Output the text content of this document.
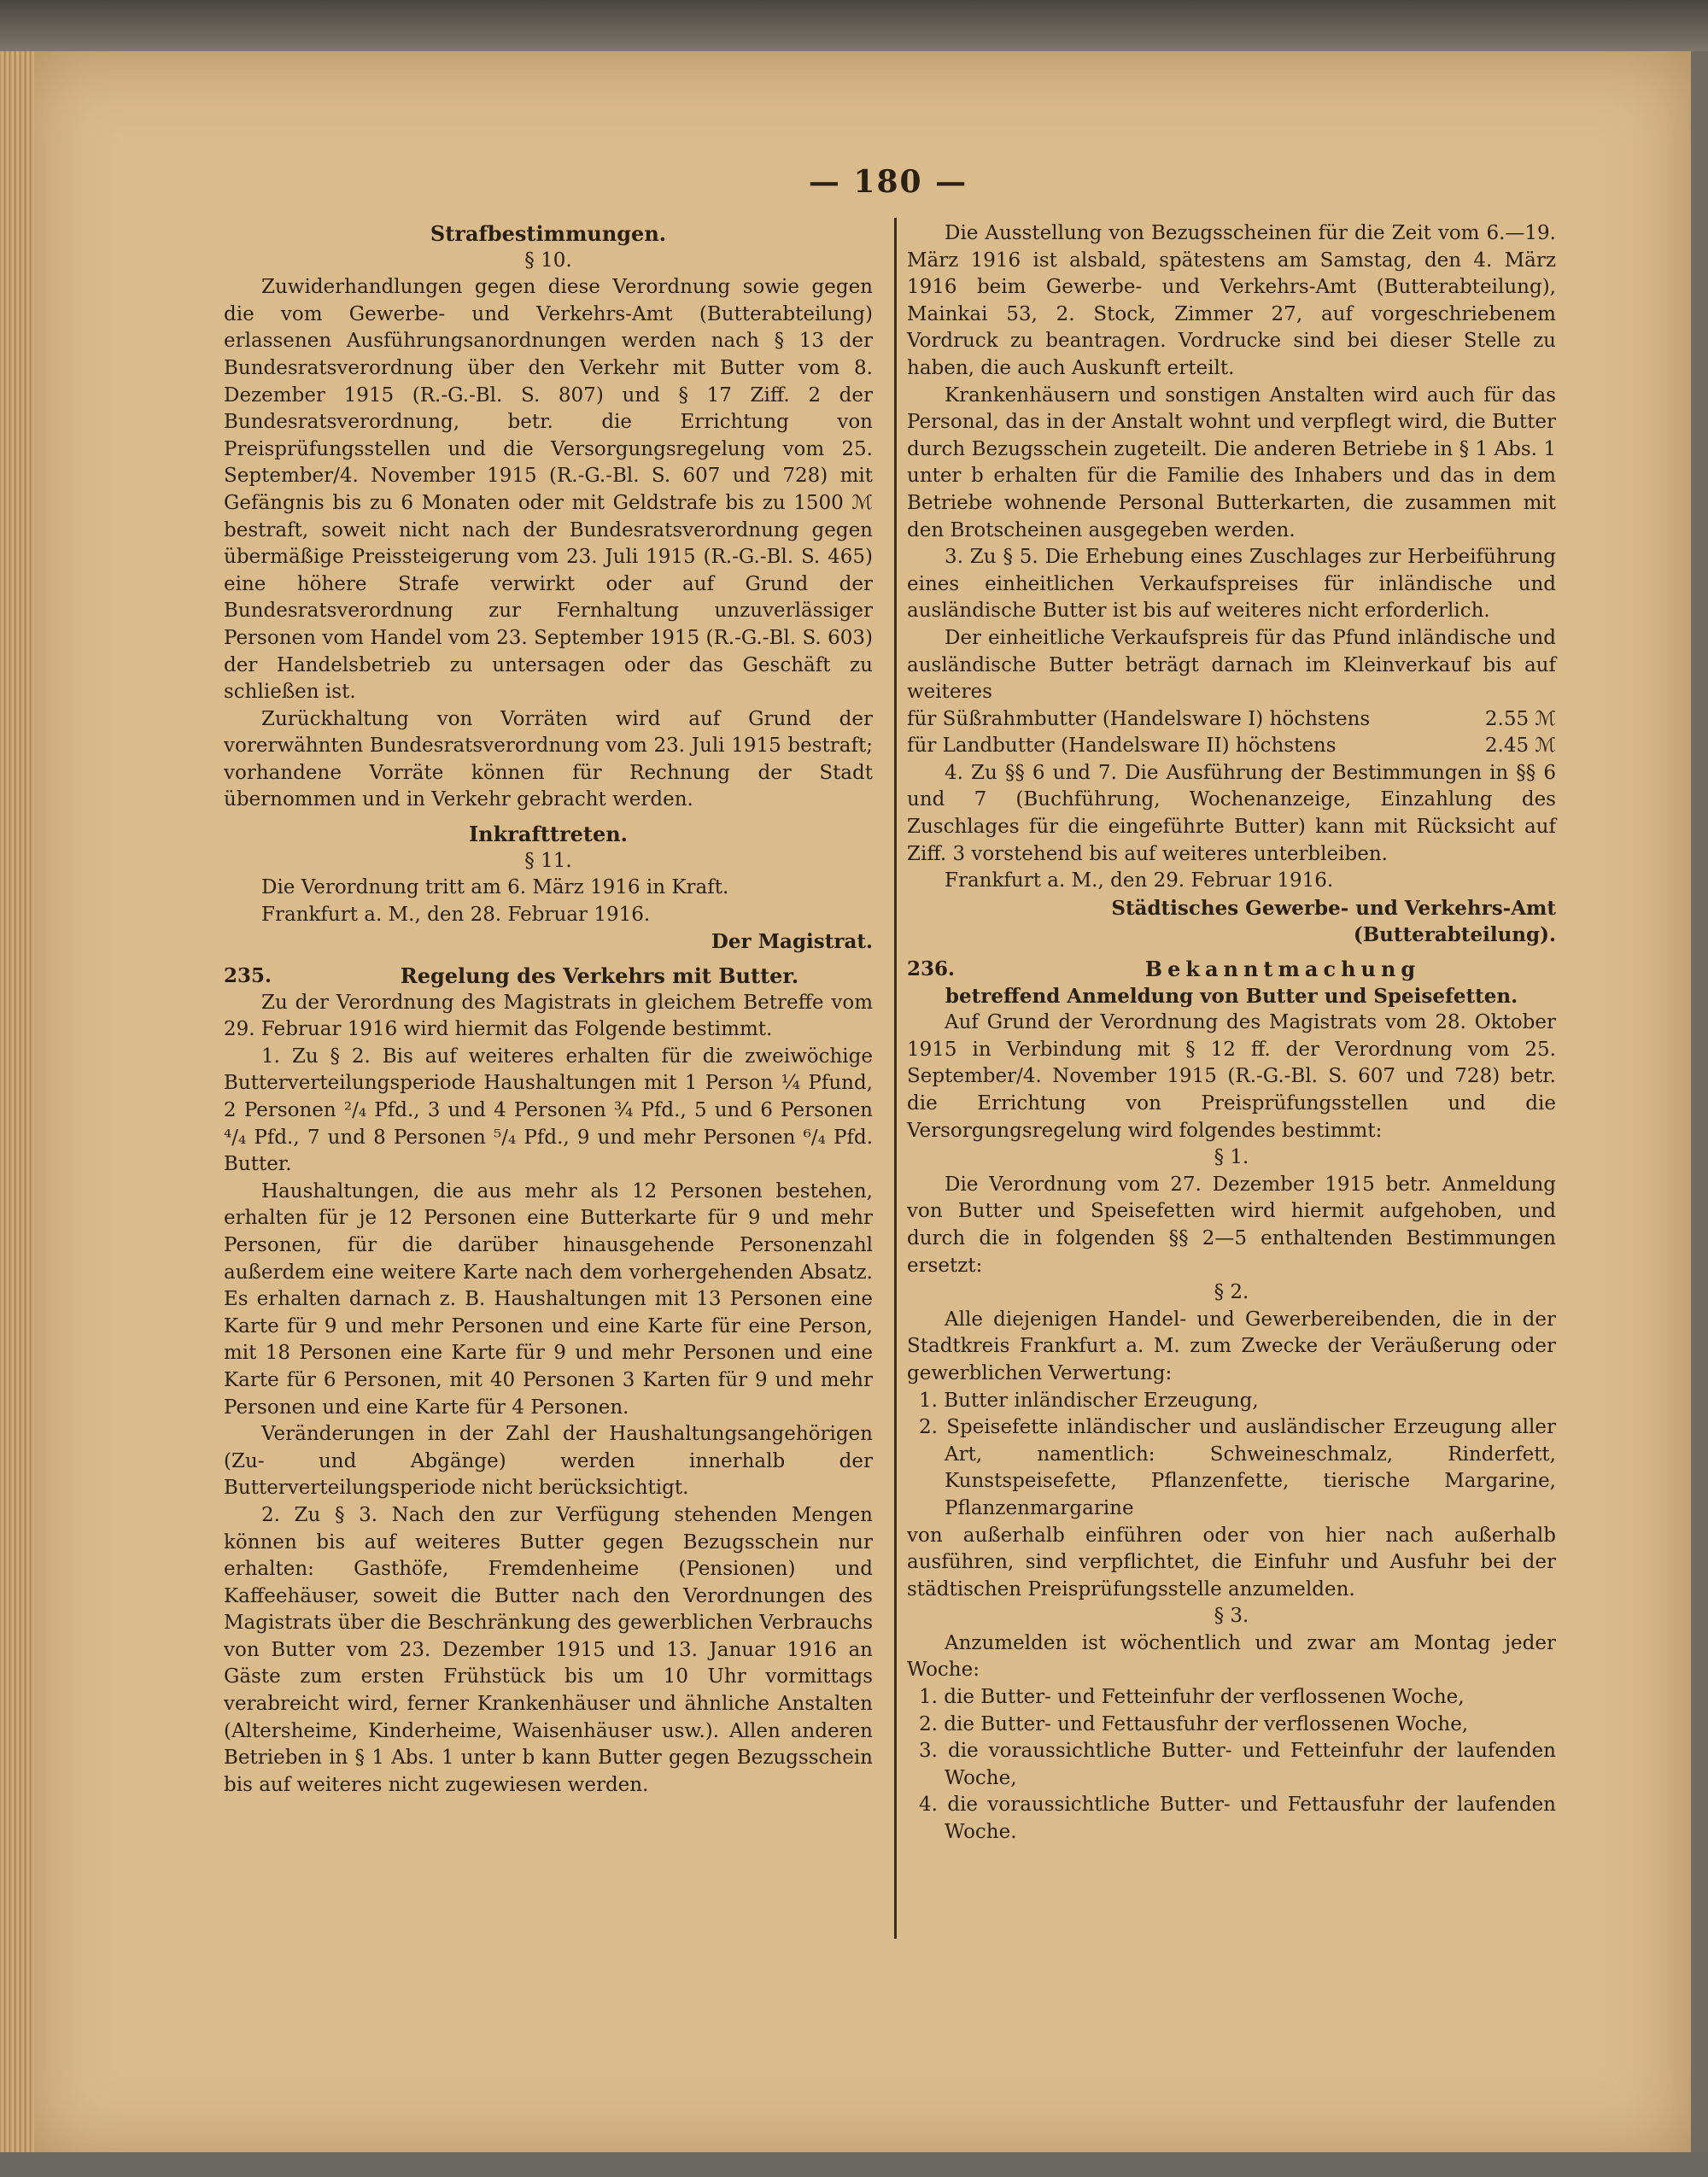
— 180 —
Strafbestimmungen.
§ 10.
Zuwiderhandlungen gegen diese Verordnung sowie gegen die vom Gewerbe- und Verkehrs-Amt (Butterabteilung) erlassenen Ausführungsanordnungen werden nach § 13 der Bundesratsverordnung über den Verkehr mit Butter vom 8. Dezember 1915 (R.-G.-Bl. S. 807) und § 17 Ziff. 2 der Bundesratsverordnung, betr. die Errichtung von Preisprüfungsstellen und die Versorgungsregelung vom 25. September/4. November 1915 (R.-G.-Bl. S. 607 und 728) mit Gefängnis bis zu 6 Monaten oder mit Geldstrafe bis zu 1500 ℳ bestraft, soweit nicht nach der Bundesratsverordnung gegen übermäßige Preissteigerung vom 23. Juli 1915 (R.-G.-Bl. S. 465) eine höhere Strafe verwirkt oder auf Grund der Bundesratsverordnung zur Fernhaltung unzuverlässiger Personen vom Handel vom 23. September 1915 (R.-G.-Bl. S. 603) der Handelsbetrieb zu untersagen oder das Geschäft zu schließen ist.
Zurückhaltung von Vorräten wird auf Grund der vorerwähnten Bundesratsverordnung vom 23. Juli 1915 bestraft; vorhandene Vorräte können für Rechnung der Stadt übernommen und in Verkehr gebracht werden.
Inkrafttreten.
§ 11.
Die Verordnung tritt am 6. März 1916 in Kraft.
Frankfurt a. M., den 28. Februar 1916.
Der Magistrat.
235.	Regelung des Verkehrs mit Butter.
Zu der Verordnung des Magistrats in gleichem Betreffe vom 29. Februar 1916 wird hiermit das Folgende bestimmt.
1. Zu § 2. Bis auf weiteres erhalten für die zweiwöchige Butterverteilungsperiode Haushaltungen mit 1 Person ¼ Pfund, 2 Personen ²/₄ Pfd., 3 und 4 Personen ¾ Pfd., 5 und 6 Personen ⁴/₄ Pfd., 7 und 8 Personen ⁵/₄ Pfd., 9 und mehr Personen ⁶/₄ Pfd. Butter.
Haushaltungen, die aus mehr als 12 Personen bestehen, erhalten für je 12 Personen eine Butterkarte für 9 und mehr Personen, für die darüber hinausgehende Personenzahl außerdem eine weitere Karte nach dem vorhergehenden Absatz. Es erhalten darnach z. B. Haushaltungen mit 13 Personen eine Karte für 9 und mehr Personen und eine Karte für eine Person, mit 18 Personen eine Karte für 9 und mehr Personen und eine Karte für 6 Personen, mit 40 Personen 3 Karten für 9 und mehr Personen und eine Karte für 4 Personen.
Veränderungen in der Zahl der Haushaltungsangehörigen (Zu- und Abgänge) werden innerhalb der Butterverteilungsperiode nicht berücksichtigt.
2. Zu § 3. Nach den zur Verfügung stehenden Mengen können bis auf weiteres Butter gegen Bezugsschein nur erhalten: Gasthöfe, Fremdenheime (Pensionen) und Kaffeehäuser, soweit die Butter nach den Verordnungen des Magistrats über die Beschränkung des gewerblichen Verbrauchs von Butter vom 23. Dezember 1915 und 13. Januar 1916 an Gäste zum ersten Frühstück bis um 10 Uhr vormittags verabreicht wird, ferner Krankenhäuser und ähnliche Anstalten (Altersheime, Kinderheime, Waisenhäuser usw.). Allen anderen Betrieben in § 1 Abs. 1 unter b kann Butter gegen Bezugsschein bis auf weiteres nicht zugewiesen werden.
Die Ausstellung von Bezugsscheinen für die Zeit vom 6.—19. März 1916 ist alsbald, spätestens am Samstag, den 4. März 1916 beim Gewerbe- und Verkehrs-Amt (Butterabteilung), Mainkai 53, 2. Stock, Zimmer 27, auf vorgeschriebenem Vordruck zu beantragen. Vordrucke sind bei dieser Stelle zu haben, die auch Auskunft erteilt.
Krankenhäusern und sonstigen Anstalten wird auch für das Personal, das in der Anstalt wohnt und verpflegt wird, die Butter durch Bezugsschein zugeteilt. Die anderen Betriebe in § 1 Abs. 1 unter b erhalten für die Familie des Inhabers und das in dem Betriebe wohnende Personal Butterkarten, die zusammen mit den Brotscheinen ausgegeben werden.
3. Zu § 5. Die Erhebung eines Zuschlages zur Herbeiführung eines einheitlichen Verkaufspreises für inländische und ausländische Butter ist bis auf weiteres nicht erforderlich.
Der einheitliche Verkaufspreis für das Pfund inländische und ausländische Butter beträgt darnach im Kleinverkauf bis auf weiteres
für Süßrahmbutter (Handelsware I) höchstens	2.55 ℳ
für Landbutter (Handelsware II) höchstens	2.45 ℳ
4. Zu §§ 6 und 7. Die Ausführung der Bestimmungen in §§ 6 und 7 (Buchführung, Wochenanzeige, Einzahlung des Zuschlages für die eingeführte Butter) kann mit Rücksicht auf Ziff. 3 vorstehend bis auf weiteres unterbleiben.
Frankfurt a. M., den 29. Februar 1916.
Städtisches Gewerbe- und Verkehrs-Amt (Butterabteilung).
236.	Bekanntmachung
betreffend Anmeldung von Butter und Speisefetten.
Auf Grund der Verordnung des Magistrats vom 28. Oktober 1915 in Verbindung mit § 12 ff. der Verordnung vom 25. September/4. November 1915 (R.-G.-Bl. S. 607 und 728) betr. die Errichtung von Preisprüfungsstellen und die Versorgungsregelung wird folgendes bestimmt:
§ 1.
Die Verordnung vom 27. Dezember 1915 betr. Anmeldung von Butter und Speisefetten wird hiermit aufgehoben, und durch die in folgenden §§ 2—5 enthaltenden Bestimmungen ersetzt:
§ 2.
Alle diejenigen Handel- und Gewerbereibenden, die in der Stadtkreis Frankfurt a. M. zum Zwecke der Veräußerung oder gewerblichen Verwertung:
1. Butter inländischer Erzeugung,
2. Speisefette inländischer und ausländischer Erzeugung aller Art, namentlich: Schweineschmalz, Rinderfett, Kunstspeisefette, Pflanzenfette, tierische Margarine, Pflanzenmargarine
von außerhalb einführen oder von hier nach außerhalb ausführen, sind verpflichtet, die Einfuhr und Ausfuhr bei der städtischen Preisprüfungsstelle anzumelden.
§ 3.
Anzumelden ist wöchentlich und zwar am Montag jeder Woche:
1. die Butter- und Fetteinfuhr der verflossenen Woche,
2. die Butter- und Fettausfuhr der verflossenen Woche,
3. die voraussichtliche Butter- und Fetteinfuhr der laufenden Woche,
4. die voraussichtliche Butter- und Fettausfuhr der laufenden Woche.
